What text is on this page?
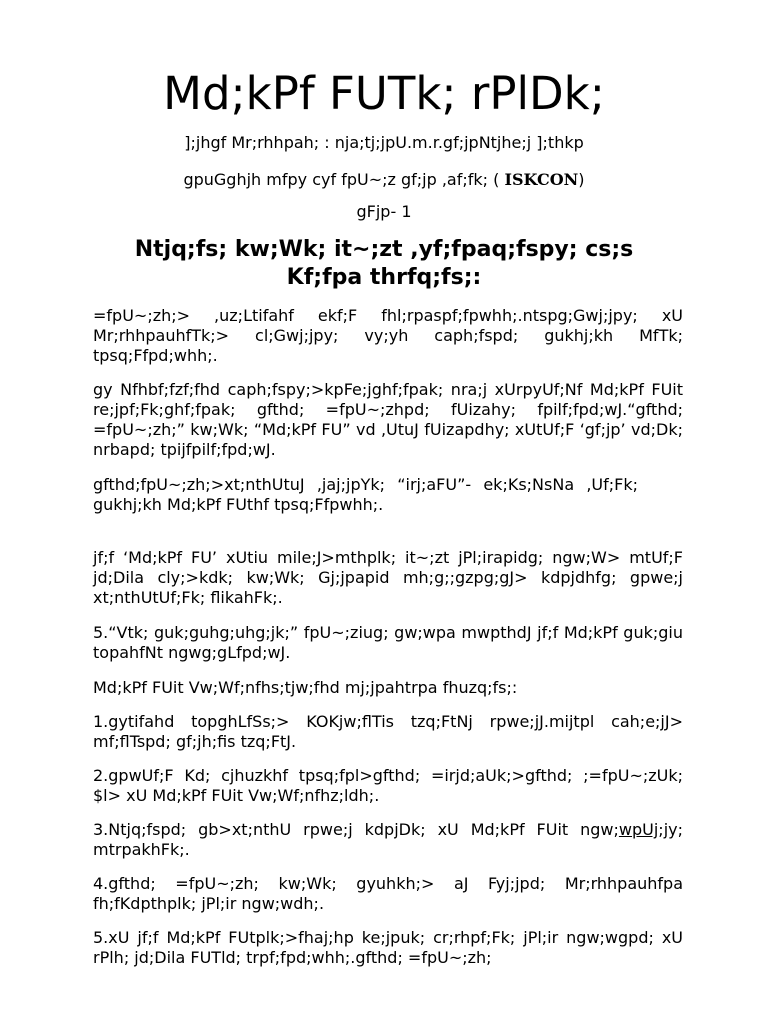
Md;kPf FUTk; rPlDk;

];jhgf Mr;rhhpah; : nja;tj;jpU.m.r.gf;jpNtjhe;j ];thkp

gpuGghjh mfpy cyf fpU~;z gf;jp ,af;fk; ( ISKCON)

gFjp- 1

Ntjq;fs; kw;Wk; it~;zt ,yf;fpaq;fspy; cs;s
Kf;fpa thrfq;fs;:

=fpU~;zh;> ,uz;Ltifahf ekf;F fhl;rpaspf;fpwhh;.ntspg;Gwj;jpy; xU Mr;rhhpauhfTk;> cl;Gwj;jpy; vy;yh caph;fspd; gukhj;kh MfTk; tpsq;Ffpd;whh;.

gy Nfhbf;fzf;fhd caph;fspy;>kpFe;jghf;fpak; nra;j xUrpyUf;Nf Md;kPf FUit re;jpf;Fk;ghf;fpak; gfthd; =fpU~;zhpd; fUizahy; fpilf;fpd;wJ.“gfthd; =fpU~;zh;” kw;Wk; “Md;kPf FU” vd ,UtuJ fUizapdhy; xUtUf;F ‘gf;jp’ vd;Dk; nrbapd; tpijfpilf;fpd;wJ.

gfthd;fpU~;zh;>xt;nthUtuJ ,jaj;jpYk; “irj;aFU”- ek;Ks;NsNa ,Uf;Fk; gukhj;kh Md;kPf FUthf tpsq;Ffpwhh;.

jf;f ‘Md;kPf FU’ xUtiu mile;J>mthplk; it~;zt jPl;irapidg; ngw;W> mtUf;F jd;Dila cly;>kdk; kw;Wk; Gj;jpapid mh;g;;gzpg;gJ> kdpjdhfg; gpwe;j xt;nthUtUf;Fk; flikahFk;.

5.“Vtk; guk;guhg;uhg;jk;” fpU~;ziug; gw;wpa mwpthdJ jf;f Md;kPf guk;giu topahfNt ngwg;gLfpd;wJ.

Md;kPf FUit Vw;Wf;nfhs;tjw;fhd mj;jpahtrpa fhuzq;fs;:

1.gytifahd topghLfSs;> KOKjw;flTis tzq;FtNj rpwe;jJ.mijtpl cah;e;jJ> mf;flTspd; gf;jh;fis tzq;FtJ.

2.gpwUf;F Kd; cjhuzkhf tpsq;fpl>gfthd; =irjd;aUk;>gfthd; ;=fpU~;zUk; $l> xU Md;kPf FUit Vw;Wf;nfhz;ldh;.

3.Ntjq;fspd; gb>xt;nthU rpwe;j kdpjDk; xU Md;kPf FUit ngw;wpUj;jy; mtrpakhFk;.

4.gfthd; =fpU~;zh; kw;Wk; gyuhkh;> aJ Fyj;jpd; Mr;rhhpauhfpa fh;fKdpthplk; jPl;ir ngw;wdh;.

5.xU jf;f Md;kPf FUtplk;>fhaj;hp ke;jpuk; cr;rhpf;Fk; jPl;ir ngw;wgpd; xU rPlh; jd;Dila FUTld; trpf;fpd;whh;.gfthd; =fpU~;zh;
